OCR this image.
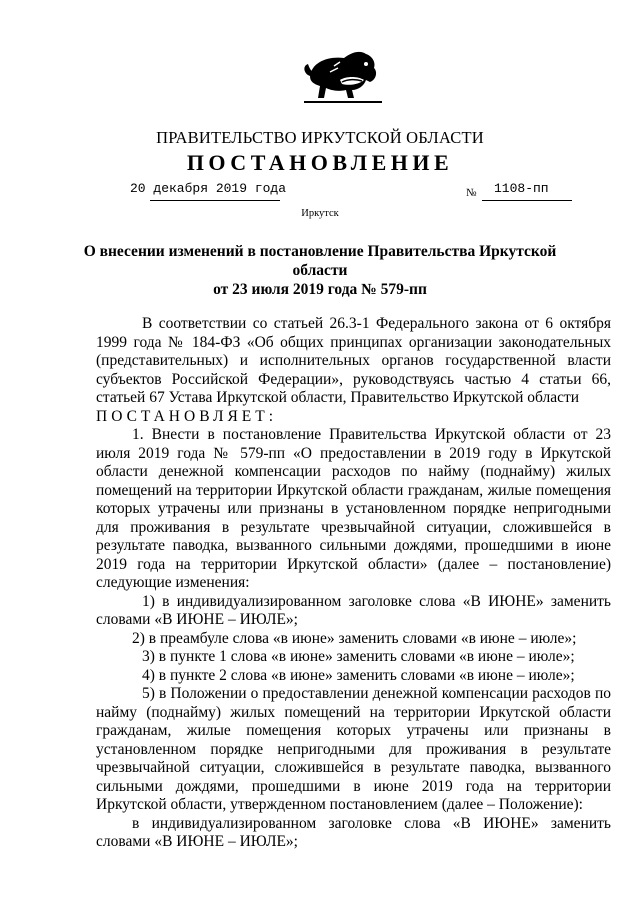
ПРАВИТЕЛЬСТВО ИРКУТСКОЙ ОБЛАСТИ
ПОСТАНОВЛЕНИЕ
20 декабря 2019 года	№ 1108-пп
Иркутск
О внесении изменений в постановление Правительства Иркутской области
от 23 июля 2019 года № 579-пп

В соответствии со статьей 26.3-1 Федерального закона от 6 октября 1999 года № 184-ФЗ «Об общих принципах организации законодательных (представительных) и исполнительных органов государственной власти субъектов Российской Федерации», руководствуясь частью 4 статьи 66, статьей 67 Устава Иркутской области, Правительство Иркутской области

ПОСТАНОВЛЯЕТ:

1. Внести в постановление Правительства Иркутской области от 23 июля 2019 года № 579-пп «О предоставлении в 2019 году в Иркутской области денежной компенсации расходов по найму (поднайму) жилых помещений на территории Иркутской области гражданам, жилые помещения которых утрачены или признаны в установленном порядке непригодными для проживания в результате чрезвычайной ситуации, сложившейся в результате паводка, вызванного сильными дождями, прошедшими в июне 2019 года на территории Иркутской области» (далее – постановление) следующие изменения:

1) в индивидуализированном заголовке слова «В ИЮНЕ» заменить словами «В ИЮНЕ – ИЮЛЕ»;

2) в преамбуле слова «в июне» заменить словами «в июне – июле»;

3) в пункте 1 слова «в июне» заменить словами «в июне – июле»;

4) в пункте 2 слова «в июне» заменить словами «в июне – июле»;

5) в Положении о предоставлении денежной компенсации расходов по найму (поднайму) жилых помещений на территории Иркутской области гражданам, жилые помещения которых утрачены или признаны в установленном порядке непригодными для проживания в результате чрезвычайной ситуации, сложившейся в результате паводка, вызванного сильными дождями, прошедшими в июне 2019 года на территории Иркутской области, утвержденном постановлением (далее – Положение):

в индивидуализированном заголовке слова «В ИЮНЕ» заменить словами «В ИЮНЕ – ИЮЛЕ»;
